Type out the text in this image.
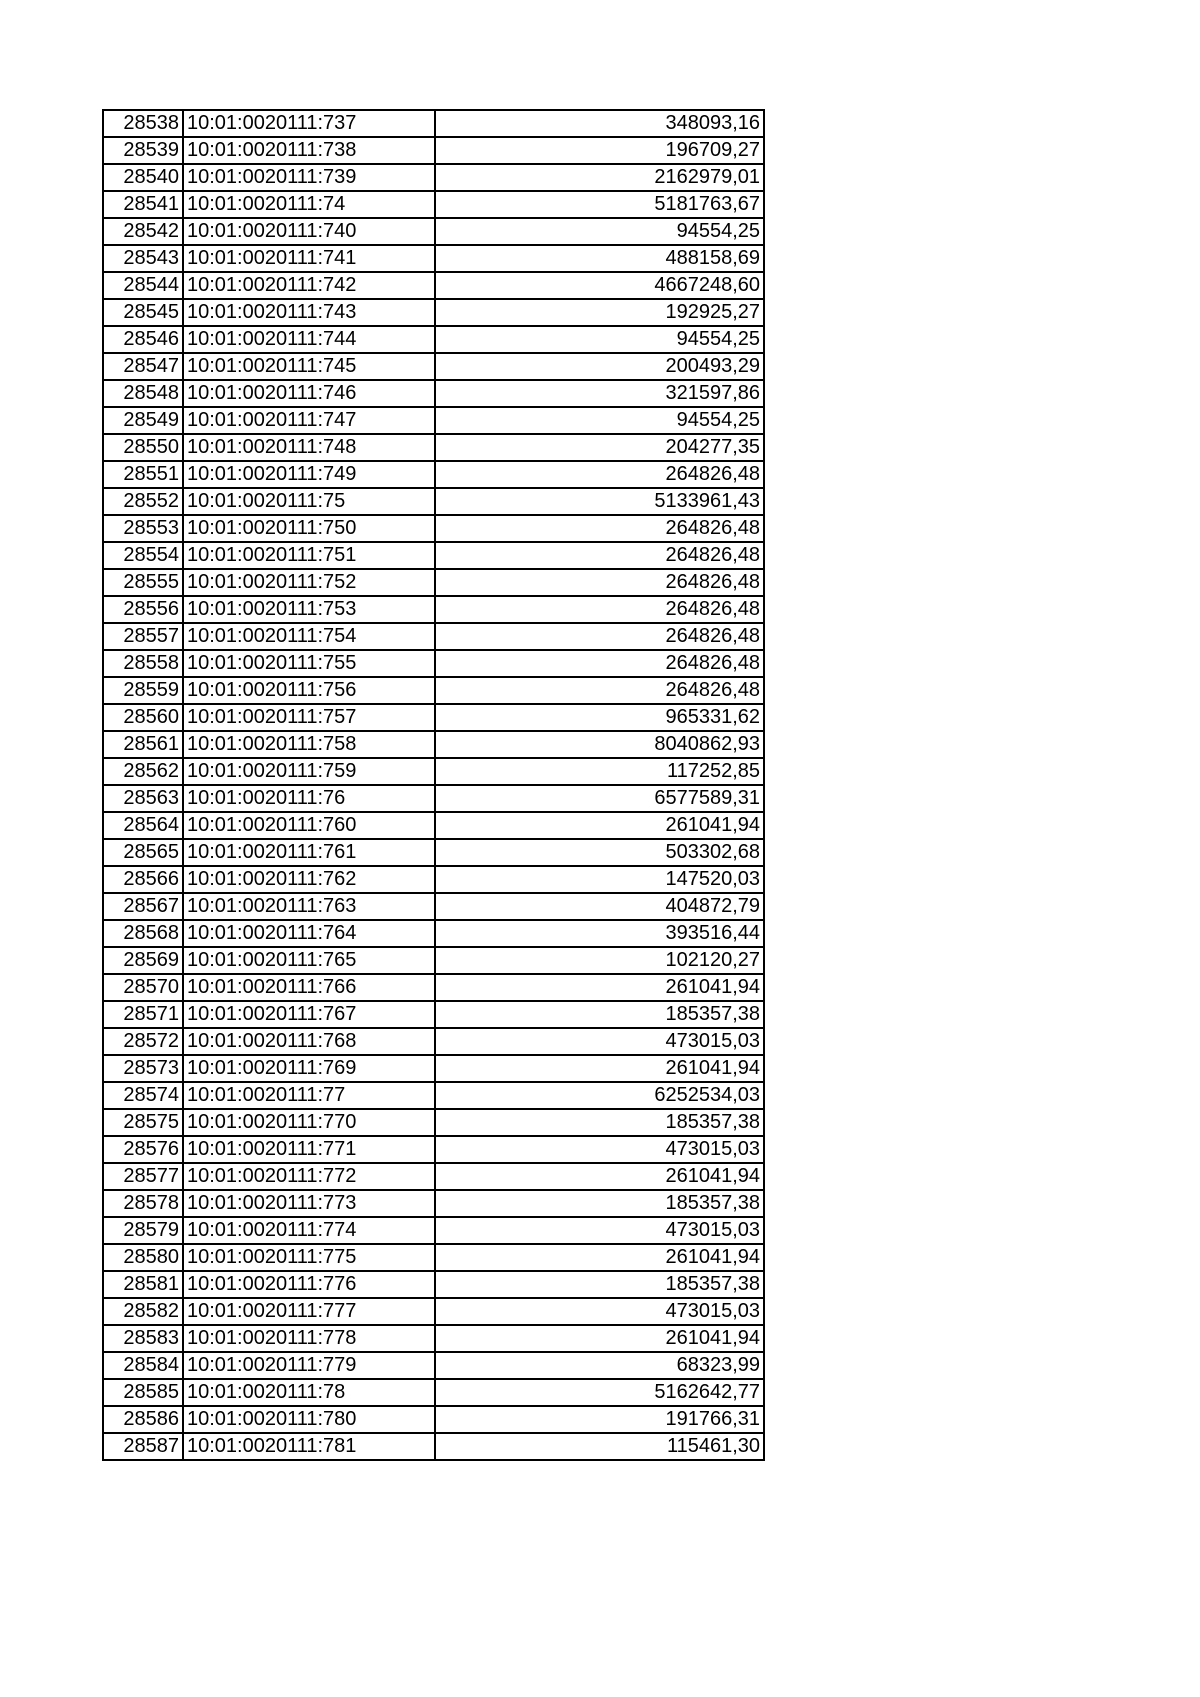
28538	10:01:0020111:737	348093,16
28539	10:01:0020111:738	196709,27
28540	10:01:0020111:739	2162979,01
28541	10:01:0020111:74	5181763,67
28542	10:01:0020111:740	94554,25
28543	10:01:0020111:741	488158,69
28544	10:01:0020111:742	4667248,60
28545	10:01:0020111:743	192925,27
28546	10:01:0020111:744	94554,25
28547	10:01:0020111:745	200493,29
28548	10:01:0020111:746	321597,86
28549	10:01:0020111:747	94554,25
28550	10:01:0020111:748	204277,35
28551	10:01:0020111:749	264826,48
28552	10:01:0020111:75	5133961,43
28553	10:01:0020111:750	264826,48
28554	10:01:0020111:751	264826,48
28555	10:01:0020111:752	264826,48
28556	10:01:0020111:753	264826,48
28557	10:01:0020111:754	264826,48
28558	10:01:0020111:755	264826,48
28559	10:01:0020111:756	264826,48
28560	10:01:0020111:757	965331,62
28561	10:01:0020111:758	8040862,93
28562	10:01:0020111:759	117252,85
28563	10:01:0020111:76	6577589,31
28564	10:01:0020111:760	261041,94
28565	10:01:0020111:761	503302,68
28566	10:01:0020111:762	147520,03
28567	10:01:0020111:763	404872,79
28568	10:01:0020111:764	393516,44
28569	10:01:0020111:765	102120,27
28570	10:01:0020111:766	261041,94
28571	10:01:0020111:767	185357,38
28572	10:01:0020111:768	473015,03
28573	10:01:0020111:769	261041,94
28574	10:01:0020111:77	6252534,03
28575	10:01:0020111:770	185357,38
28576	10:01:0020111:771	473015,03
28577	10:01:0020111:772	261041,94
28578	10:01:0020111:773	185357,38
28579	10:01:0020111:774	473015,03
28580	10:01:0020111:775	261041,94
28581	10:01:0020111:776	185357,38
28582	10:01:0020111:777	473015,03
28583	10:01:0020111:778	261041,94
28584	10:01:0020111:779	68323,99
28585	10:01:0020111:78	5162642,77
28586	10:01:0020111:780	191766,31
28587	10:01:0020111:781	115461,30
